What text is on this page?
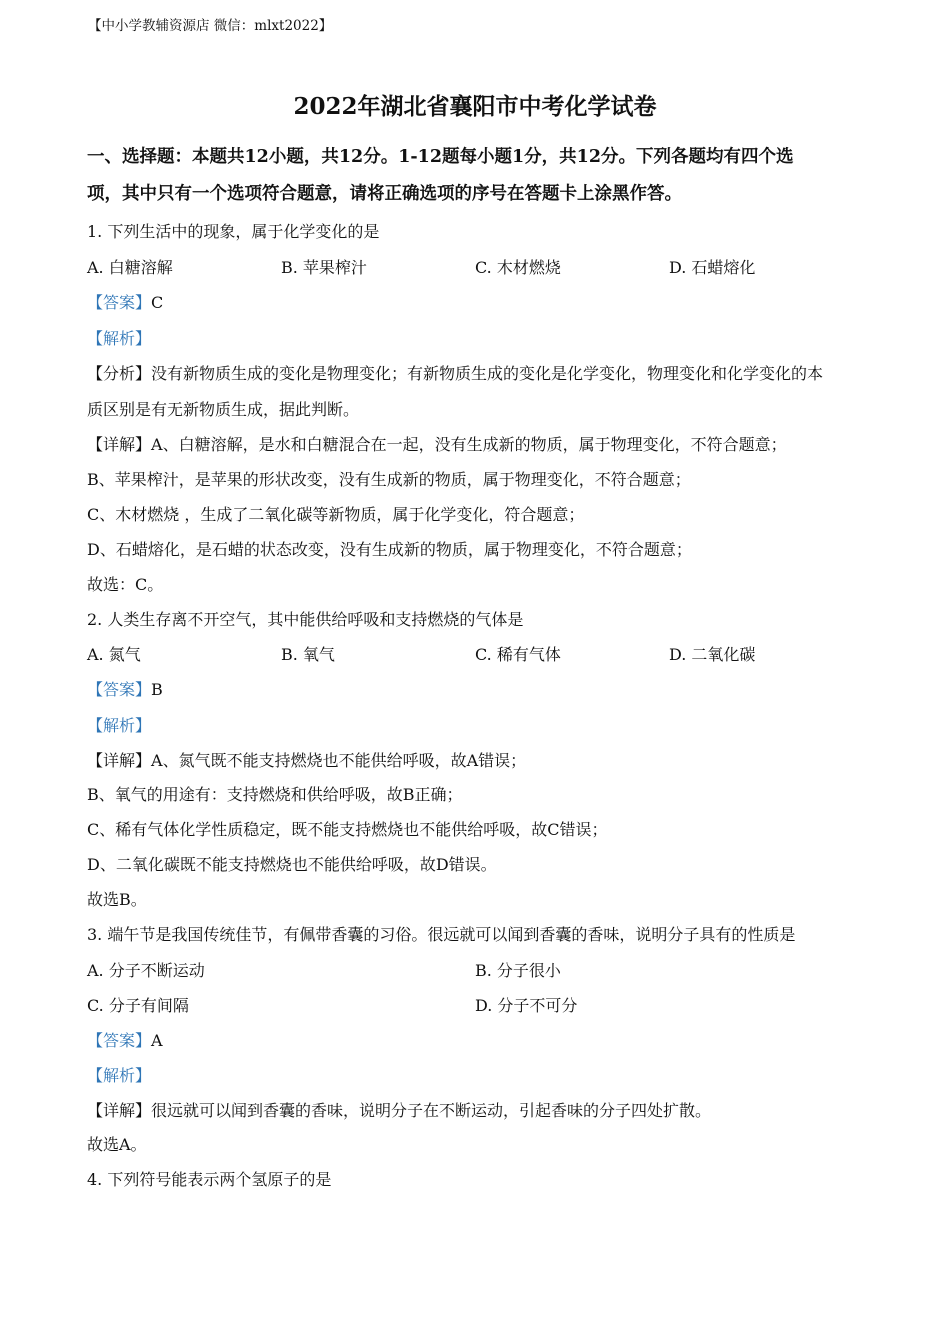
【中小学教辅资源店 微信：mlxt2022】
2022年湖北省襄阳市中考化学试卷
一、选择题：本题共12小题，共12分。1-12题每小题1分，共12分。下列各题均有四个选
项，其中只有一个选项符合题意，请将正确选项的序号在答题卡上涂黑作答。
1. 下列生活中的现象，属于化学变化的是
A. 白糖溶解	B. 苹果榨汁	C. 木材燃烧	D. 石蜡熔化
【答案】C
【解析】
【分析】没有新物质生成的变化是物理变化；有新物质生成的变化是化学变化，物理变化和化学变化的本
质区别是有无新物质生成，据此判断。
【详解】A、白糖溶解，是水和白糖混合在一起，没有生成新的物质，属于物理变化，不符合题意；
B、苹果榨汁，是苹果的形状改变，没有生成新的物质，属于物理变化，不符合题意；
C、木材燃烧 ，生成了二氧化碳等新物质，属于化学变化，符合题意；
D、石蜡熔化，是石蜡的状态改变，没有生成新的物质，属于物理变化，不符合题意；
故选：C。
2. 人类生存离不开空气，其中能供给呼吸和支持燃烧的气体是
A. 氮气	B. 氧气	C. 稀有气体	D. 二氧化碳
【答案】B
【解析】
【详解】A、氮气既不能支持燃烧也不能供给呼吸，故A错误；
B、氧气的用途有：支持燃烧和供给呼吸，故B正确；
C、稀有气体化学性质稳定，既不能支持燃烧也不能供给呼吸，故C错误；
D、二氧化碳既不能支持燃烧也不能供给呼吸，故D错误。
故选B。
3. 端午节是我国传统佳节，有佩带香囊的习俗。很远就可以闻到香囊的香味，说明分子具有的性质是
A. 分子不断运动	B. 分子很小
C. 分子有间隔	D. 分子不可分
【答案】A
【解析】
【详解】很远就可以闻到香囊的香味，说明分子在不断运动，引起香味的分子四处扩散。
故选A。
4. 下列符号能表示两个氢原子的是
